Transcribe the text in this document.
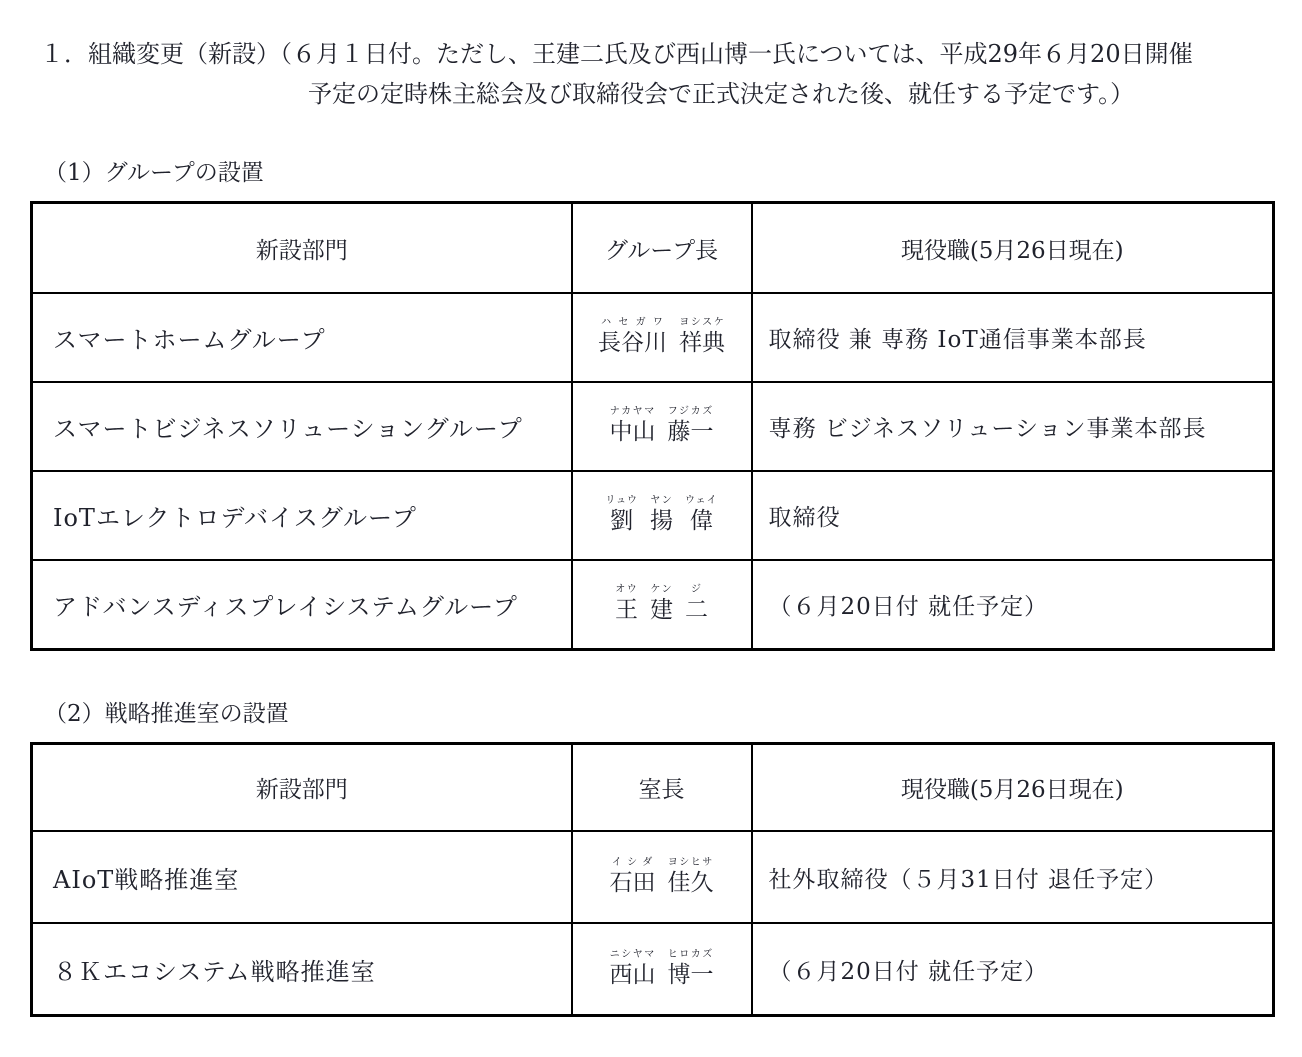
１．組織変更（新設）（６月１日付。ただし、王建二氏及び西山博一氏については、平成29年６月20日開催
予定の定時株主総会及び取締役会で正式決定された後、就任する予定です。）
（1）グループの設置
新設部門	グループ長	現役職(5月26日現在)
スマートホームグループ	長谷川ハセガワ祥典ヨシスケ	取締役 兼 専務 IoT通信事業本部長
スマートビジネスソリューショングループ	中山ナカヤマ藤一フジカズ	専務 ビジネスソリューション事業本部長
IoTエレクトロデバイスグループ	劉リュウ揚ヤン偉ウェイ	取締役
アドバンスディスプレイシステムグループ	王オウ建ケン二ジ	（６月20日付 就任予定）
（2）戦略推進室の設置
新設部門	室長	現役職(5月26日現在)
AIoT戦略推進室	石田イシダ佳久ヨシヒサ	社外取締役（５月31日付 退任予定）
８Ｋエコシステム戦略推進室	西山ニシヤマ博一ヒロカズ	（６月20日付 就任予定）
